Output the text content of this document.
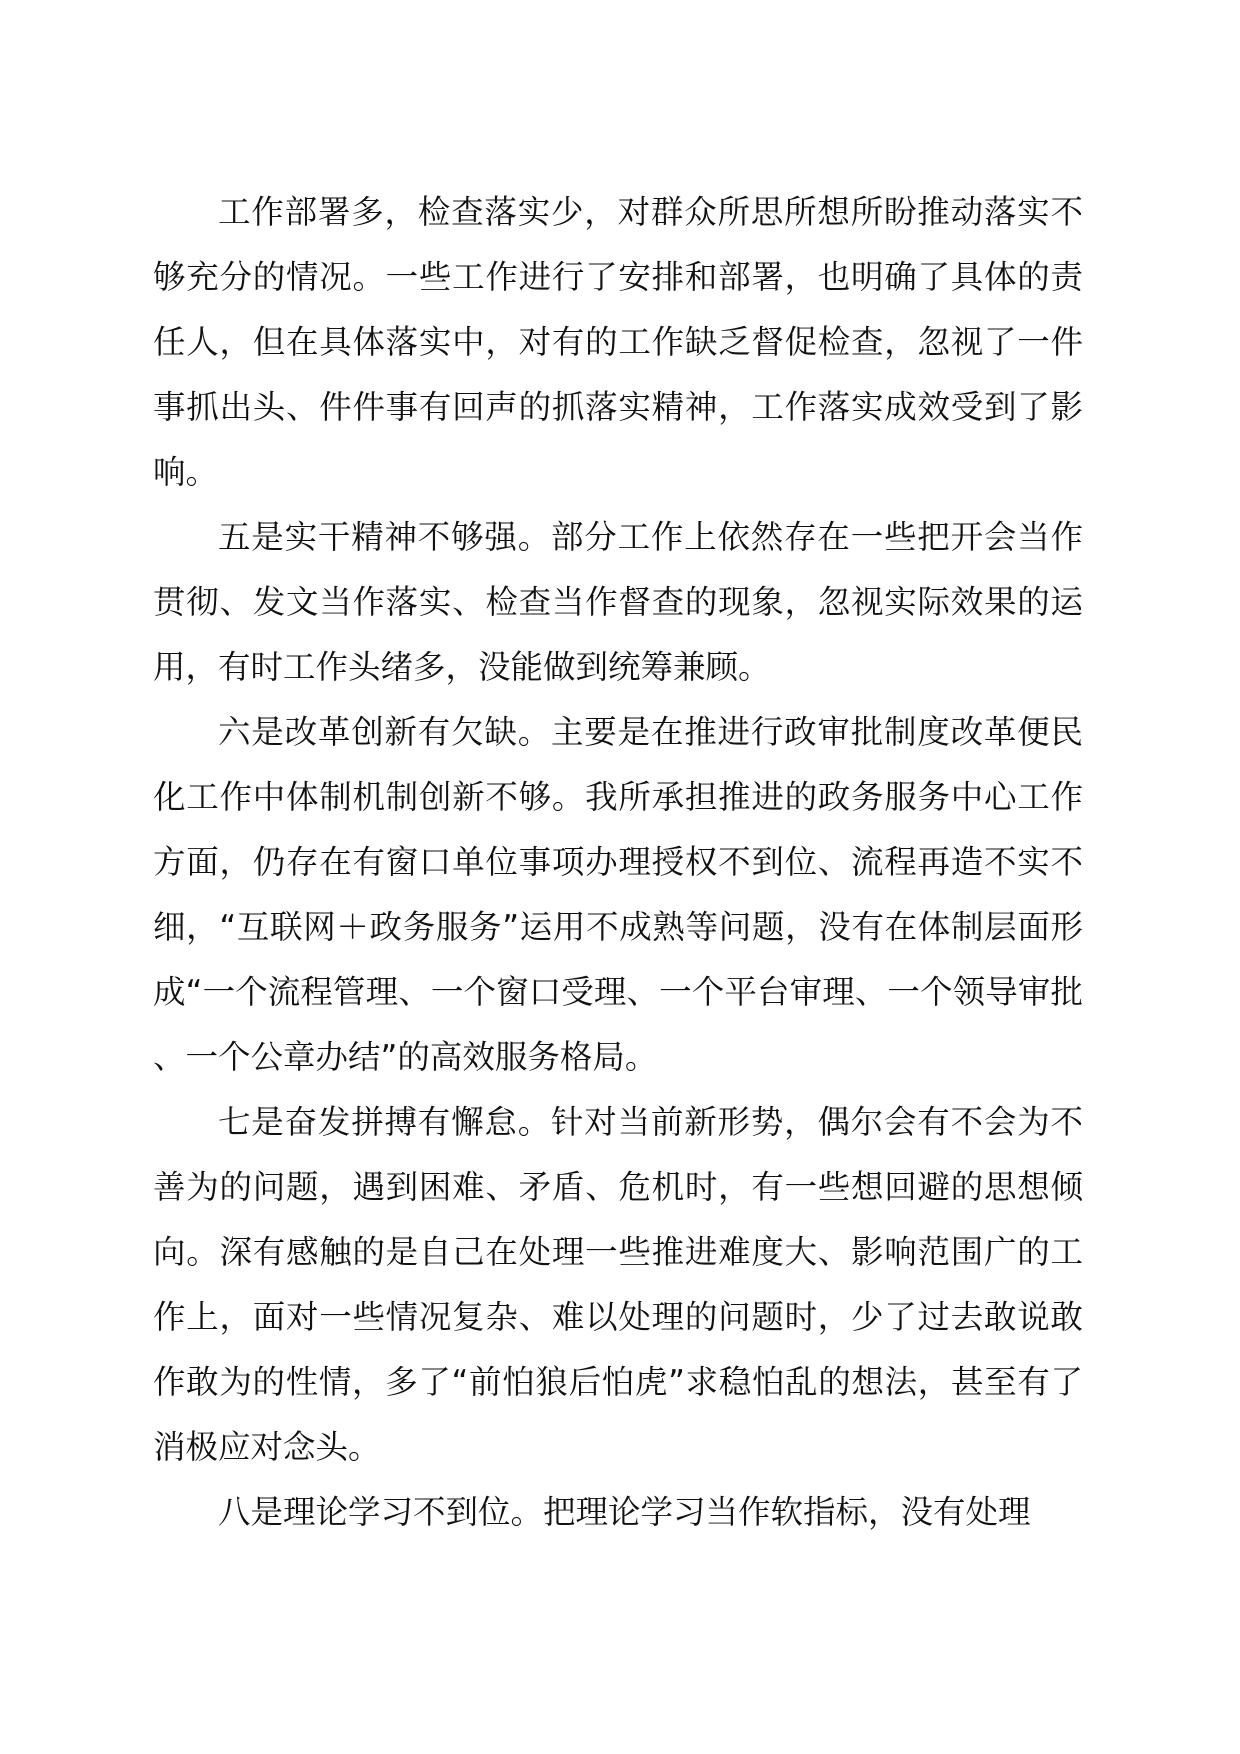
工作部署多，检查落实少，对群众所思所想所盼推动落实不够充分的情况。一些工作进行了安排和部署，也明确了具体的责任人，但在具体落实中，对有的工作缺乏督促检查，忽视了一件事抓出头、件件事有回声的抓落实精神，工作落实成效受到了影响。

五是实干精神不够强。部分工作上依然存在一些把开会当作贯彻、发文当作落实、检查当作督查的现象，忽视实际效果的运用，有时工作头绪多，没能做到统筹兼顾。

六是改革创新有欠缺。主要是在推进行政审批制度改革便民化工作中体制机制创新不够。我所承担推进的政务服务中心工作方面，仍存在有窗口单位事项办理授权不到位、流程再造不实不细，“互联网＋政务服务”运用不成熟等问题，没有在体制层面形成“一个流程管理、一个窗口受理、一个平台审理、一个领导审批、一个公章办结”的高效服务格局。

七是奋发拼搏有懈怠。针对当前新形势，偶尔会有不会为不善为的问题，遇到困难、矛盾、危机时，有一些想回避的思想倾向。深有感触的是自己在处理一些推进难度大、影响范围广的工作上，面对一些情况复杂、难以处理的问题时，少了过去敢说敢作敢为的性情，多了“前怕狼后怕虎”求稳怕乱的想法，甚至有了消极应对念头。

八是理论学习不到位。把理论学习当作软指标，没有处理
